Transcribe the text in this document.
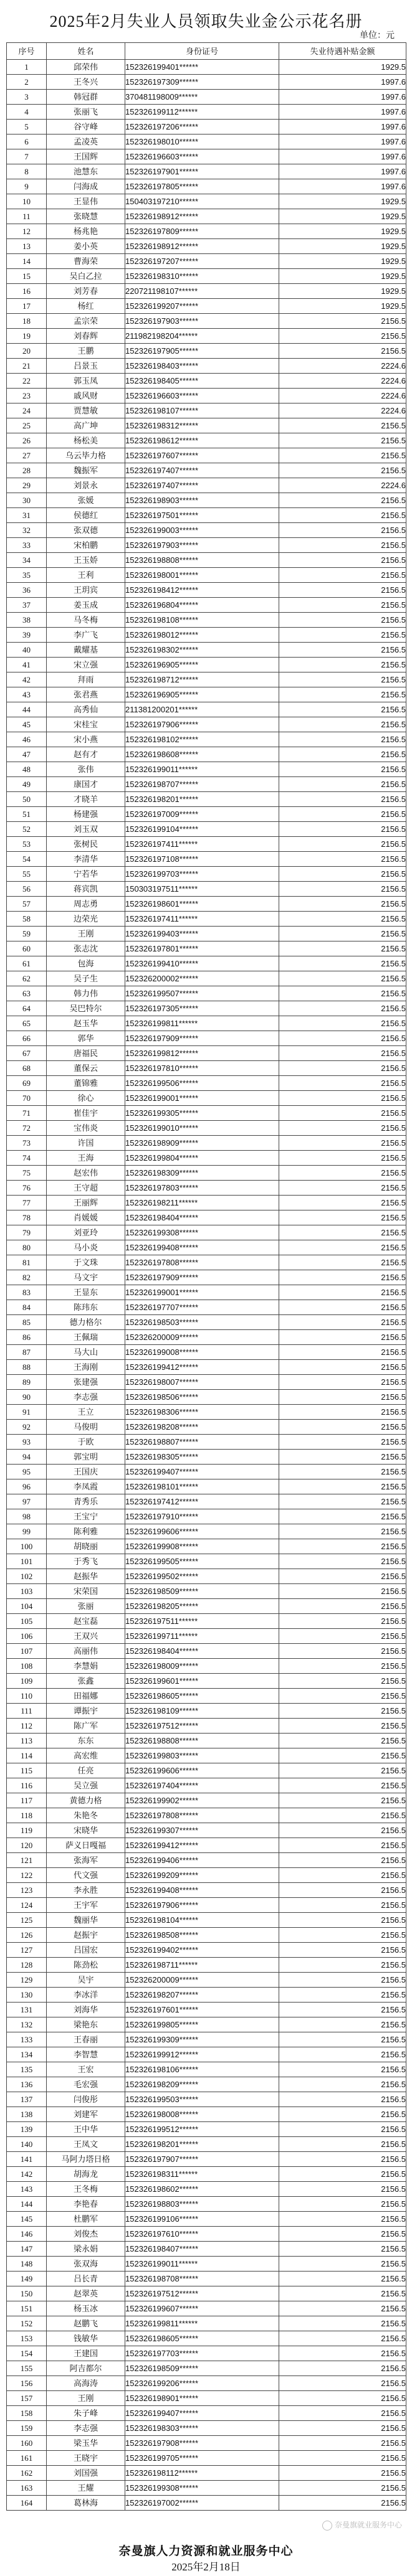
2025年2月失业人员领取失业金公示花名册
单位：元
序号	姓名	身份证号	失业待遇补贴金额
1	邱荣伟	152326199401******	1929.5
2	王冬兴	152326197309******	1997.6
3	韩冠群	370481198009******	1997.6
4	张丽飞	152326199112******	1997.6
5	谷守峰	152326197206******	1997.6
6	孟凌英	152326198010******	1997.6
7	王国辉	152326196603******	1997.6
8	池慧东	152326197901******	1997.6
9	闫海成	152326197805******	1997.6
10	王显伟	150403197210******	1929.5
11	张晓慧	152326198912******	1929.5
12	杨兆艳	152326197809******	1929.5
13	姜小英	152326198912******	1929.5
14	曹海荣	152326197207******	1929.5
15	吴白乙拉	152326198310******	1929.5
16	刘芳春	220721198107******	1929.5
17	杨红	152326199207******	1929.5
18	孟宗荣	152326197903******	2156.5
19	刘春辉	211982198204******	2156.5
20	王鹏	152326197905******	2156.5
21	吕景玉	152326198403******	2224.6
22	郭玉凤	152326198405******	2224.6
23	戚风财	152326196603******	2224.6
24	贾慧敏	152326198107******	2224.6
25	高广坤	152326198312******	2156.5
26	杨松美	152326198612******	2156.5
27	乌云毕力格	152326197607******	2156.5
28	魏振军	152326197407******	2156.5
29	刘景永	152326197407******	2224.6
30	张媛	152326198903******	2156.5
31	侯德红	152326197501******	2156.5
32	张双德	152326199003******	2156.5
33	宋柏鹏	152326197903******	2156.5
34	王玉娇	152326198808******	2156.5
35	王利	152326198001******	2156.5
36	王玥宾	152326198412******	2156.5
37	姜玉成	152326196804******	2156.5
38	马冬梅	152326198108******	2156.5
39	李广飞	152326198012******	2156.5
40	戴耀基	152326198302******	2156.5
41	宋立强	152326196905******	2156.5
42	拜雨	152326198712******	2156.5
43	张君燕	152326196905******	2156.5
44	高秀仙	211381200201******	2156.5
45	宋桂宝	152326197906******	2156.5
46	宋小燕	152326198102******	2156.5
47	赵有才	152326198608******	2156.5
48	张伟	152326199011******	2156.5
49	康国才	152326198707******	2156.5
50	才晓羊	152326198201******	2156.5
51	杨建强	152326197009******	2156.5
52	刘玉双	152326199104******	2156.5
53	张树民	152326197411******	2156.5
54	李清华	152326197108******	2156.5
55	宁若华	152326199703******	2156.5
56	蒋宾凯	150303197511******	2156.5
57	周志勇	152326198601******	2156.5
58	边荣光	152326197411******	2156.5
59	王刚	152326199403******	2156.5
60	张志沈	152326197801******	2156.5
61	包海	152326199410******	2156.5
62	吴子生	152326200002******	2156.5
63	韩力伟	152326199507******	2156.5
64	吴巴特尔	152326197305******	2156.5
65	赵玉华	152326199811******	2156.5
66	郭华	152326197909******	2156.5
67	唐福民	152326199812******	2156.5
68	董保云	152326197810******	2156.5
69	董锦雅	152326199506******	2156.5
70	徐心	152326199001******	2156.5
71	崔佳宇	152326199305******	2156.5
72	宝伟炎	152326199010******	2156.5
73	许国	152326198909******	2156.5
74	王海	152326199804******	2156.5
75	赵宏伟	152326198309******	2156.5
76	王守超	152326197803******	2156.5
77	王丽辉	152326198211******	2156.5
78	肖媛媛	152326198404******	2156.5
79	刘亚玲	152326199308******	2156.5
80	马小炎	152326199408******	2156.5
81	于文珠	152326197808******	2156.5
82	马文宇	152326197909******	2156.5
83	王显东	152326199001******	2156.5
84	陈玮东	152326197707******	2156.5
85	德力格尔	152326198503******	2156.5
86	王佩瑞	152326200009******	2156.5
87	马大山	152326199008******	2156.5
88	王海刚	152326199412******	2156.5
89	张建强	152326198007******	2156.5
90	李志强	152326198506******	2156.5
91	王立	152326198306******	2156.5
92	马俊明	152326198208******	2156.5
93	于欧	152326198807******	2156.5
94	郭宝明	152326198305******	2156.5
95	王国庆	152326199407******	2156.5
96	李凤霞	152326198101******	2156.5
97	青秀乐	152326197412******	2156.5
98	王宝宁	152326197910******	2156.5
99	陈利雅	152326199606******	2156.5
100	胡晓丽	152326199908******	2156.5
101	于秀飞	152326199505******	2156.5
102	赵振华	152326199502******	2156.5
103	宋荣国	152326198509******	2156.5
104	张丽	152326198205******	2156.5
105	赵宝磊	152326197511******	2156.5
106	王双兴	152326199711******	2156.5
107	高丽伟	152326198404******	2156.5
108	李慧娟	152326198009******	2156.5
109	张鑫	152326199601******	2156.5
110	田福娜	152326198605******	2156.5
111	谭振宇	152326198109******	2156.5
112	陈广军	152326197512******	2156.5
113	东东	152326198808******	2156.5
114	高宏维	152326199803******	2156.5
115	任亮	152326199606******	2156.5
116	吴立强	152326197404******	2156.5
117	黄德力格	152326199902******	2156.5
118	朱艳冬	152326197808******	2156.5
119	宋晓华	152326199307******	2156.5
120	萨义日嘎福	152326199412******	2156.5
121	张海军	152326199406******	2156.5
122	代文强	152326199209******	2156.5
123	李永胜	152326199408******	2156.5
124	王宇军	152326197906******	2156.5
125	魏丽华	152326198104******	2156.5
126	赵振宇	152326198508******	2156.5
127	吕国宏	152326199402******	2156.5
128	陈劲松	152326198711******	2156.5
129	吴宇	152326200009******	2156.5
130	李冰洋	152326198207******	2156.5
131	刘海华	152326197601******	2156.5
132	梁艳东	152326199805******	2156.5
133	王春丽	152326199309******	2156.5
134	李智慧	152326199912******	2156.5
135	王宏	152326198106******	2156.5
136	毛宏强	152326198209******	2156.5
137	闫俊彤	152326199503******	2156.5
138	刘建军	152326198008******	2156.5
139	王中华	152326199512******	2156.5
140	王凤文	152326198201******	2156.5
141	马阿力塔日格	152326197907******	2156.5
142	胡海龙	152326198311******	2156.5
143	王冬梅	152326198602******	2156.5
144	李艳春	152326198803******	2156.5
145	杜鹏军	152326199106******	2156.5
146	刘俊杰	152326197610******	2156.5
147	梁永娟	152326198407******	2156.5
148	张双海	152326199011******	2156.5
149	吕长青	152326198708******	2156.5
150	赵翠英	152326197512******	2156.5
151	杨玉冰	152326199607******	2156.5
152	赵鹏飞	152326199811******	2156.5
153	钱敏华	152326198605******	2156.5
154	王建国	152326197703******	2156.5
155	阿吉都尔	152326198509******	2156.5
156	高海涛	152326199206******	2156.5
157	王刚	152326198901******	2156.5
158	朱子峰	152326199407******	2156.5
159	李志强	152326198303******	2156.5
160	梁玉华	152326197908******	2156.5
161	王晓宇	152326199705******	2156.5
162	刘国强	152326198112******	2156.5
163	王耀	152326199308******	2156.5
164	葛林海	152326197002******	2156.5
奈曼旗就业服务中心
奈曼旗人力资源和就业服务中心
2025年2月18日
